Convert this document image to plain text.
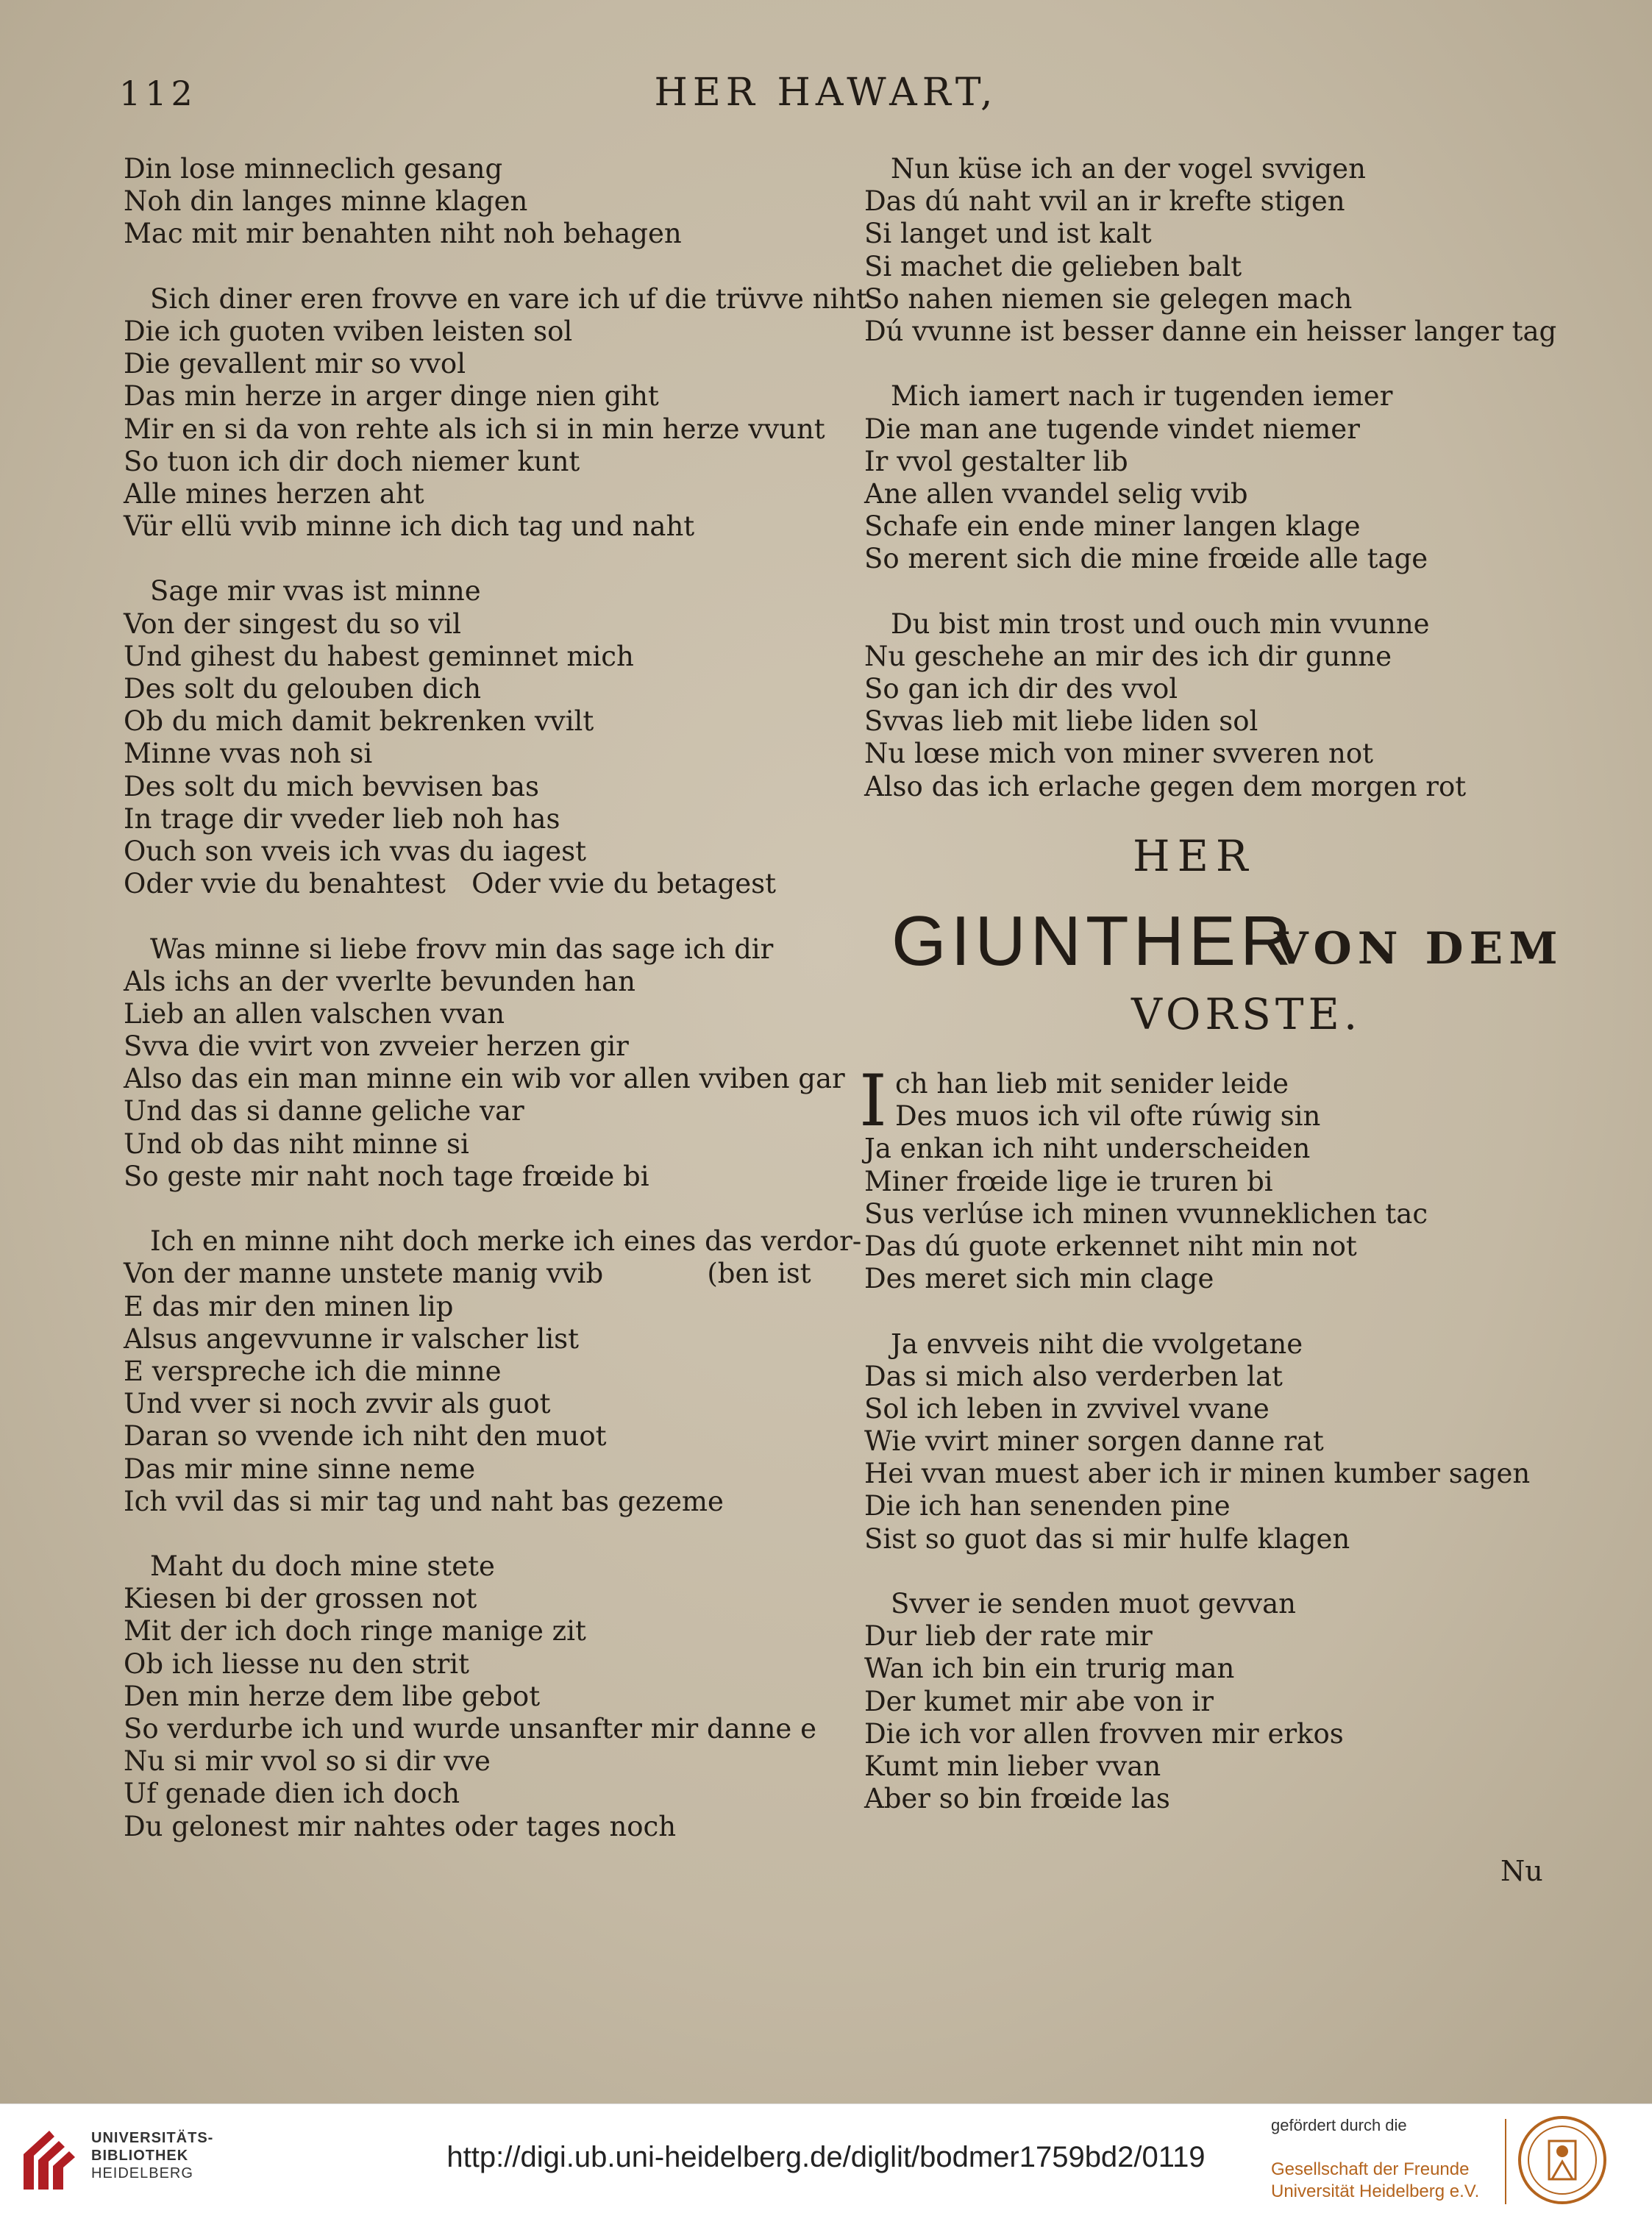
112	HER HAWART,
Din lose minneclich gesang
Noh din langes minne klagen
Mac mit mir benahten niht noh behagen
Sich diner eren frovve en vare ich uf die trüvve niht
Die ich guoten vviben leisten sol
Die gevallent mir so vvol
Das min herze in arger dinge nien giht
Mir en si da von rehte als ich si in min herze vvunt
So tuon ich dir doch niemer kunt
Alle mines herzen aht
Vür ellü vvib minne ich dich tag und naht
Sage mir vvas ist minne
Von der singest du so vil
Und gihest du habest geminnet mich
Des solt du gelouben dich
Ob du mich damit bekrenken vvilt
Minne vvas noh si
Des solt du mich bevvisen bas
In trage dir vveder lieb noh has
Ouch son vveis ich vvas du iagest
Oder vvie du benahtest   Oder vvie du betagest
Was minne si liebe frovv min das sage ich dir
Als ichs an der vverlte bevunden han
Lieb an allen valschen vvan
Svva die vvirt von zvveier herzen gir
Also das ein man minne ein wib vor allen vviben gar
Und das si danne geliche var
Und ob das niht minne si
So geste mir naht noch tage frœide bi
Ich en minne niht doch merke ich eines das verdor-
Von der manne unstete manig vvib            (ben ist
E das mir den minen lip
Alsus angevvunne ir valscher list
E verspreche ich die minne
Und vver si noch zvvir als guot
Daran so vvende ich niht den muot
Das mir mine sinne neme
Ich vvil das si mir tag und naht bas gezeme
Maht du doch mine stete
Kiesen bi der grossen not
Mit der ich doch ringe manige zit
Ob ich liesse nu den strit
Den min herze dem libe gebot
So verdurbe ich und wurde unsanfter mir danne e
Nu si mir vvol so si dir vve
Uf genade dien ich doch
Du gelonest mir nahtes oder tages noch
Nun küse ich an der vogel svvigen
Das dú naht vvil an ir krefte stigen
Si langet und ist kalt
Si machet die gelieben balt
So nahen niemen sie gelegen mach
Dú vvunne ist besser danne ein heisser langer tag
Mich iamert nach ir tugenden iemer
Die man ane tugende vindet niemer
Ir vvol gestalter lib
Ane allen vvandel selig vvib
Schafe ein ende miner langen klage
So merent sich die mine frœide alle tage
Du bist min trost und ouch min vvunne
Nu geschehe an mir des ich dir gunne
So gan ich dir des vvol
Svvas lieb mit liebe liden sol
Nu lœse mich von miner svveren not
Also das ich erlache gegen dem morgen rot
HER
GIUNTHER
VON DEM
VORSTE.
I ch han lieb mit senider leide
Des muos ich vil ofte rúwig sin
Ja enkan ich niht underscheiden
Miner frœide lige ie truren bi
Sus verlúse ich minen vvunneklichen tac
Das dú guote erkennet niht min not
Des meret sich min clage
Ja envveis niht die vvolgetane
Das si mich also verderben lat
Sol ich leben in zvvivel vvane
Wie vvirt miner sorgen danne rat
Hei vvan muest aber ich ir minen kumber sagen
Die ich han senenden pine
Sist so guot das si mir hulfe klagen
Svver ie senden muot gevvan
Dur lieb der rate mir
Wan ich bin ein trurig man
Der kumet mir abe von ir
Die ich vor allen frovven mir erkos
Kumt min lieber vvan
Aber so bin frœide las
Nu
UNIVERSITÄTS-
BIBLIOTHEK
HEIDELBERG	http://digi.ub.uni-heidelberg.de/diglit/bodmer1759bd2/0119
gefördert durch die
Gesellschaft der Freunde
Universität Heidelberg e.V.
